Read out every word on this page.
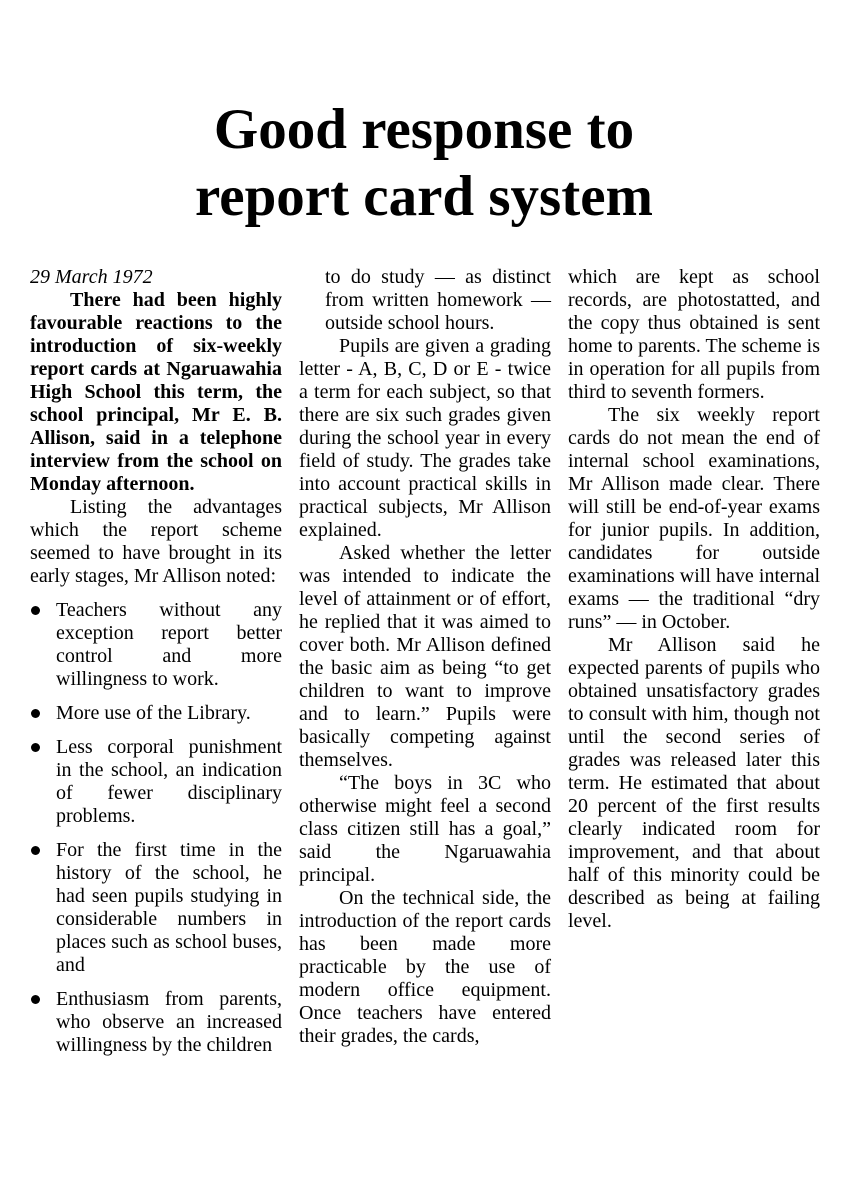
Good response to
report card system

29 March 1972

There had been highly favourable reactions to the introduction of six-weekly report cards at Ngaruawahia High School this term, the school principal, Mr E. B. Allison, said in a telephone interview from the school on Monday afternoon.

Listing the advantages which the report scheme seemed to have brought in its early stages, Mr Allison noted:

Teachers without any exception report better control and more willingness to work.
More use of the Library.
Less corporal punishment in the school, an indication of fewer disciplinary problems.
For the first time in the history of the school, he had seen pupils studying in considerable numbers in places such as school buses, and
Enthusiasm from parents, who observe an increased willingness by the children

to do study — as distinct from written homework — outside school hours.

Pupils are given a grading letter - A, B, C, D or E - twice a term for each subject, so that there are six such grades given during the school year in every field of study. The grades take into account practical skills in practical subjects, Mr Allison explained.

Asked whether the letter was intended to indicate the level of attainment or of effort, he replied that it was aimed to cover both. Mr Allison defined the basic aim as being “to get children to want to improve and to learn.” Pupils were basically competing against themselves.

“The boys in 3C who otherwise might feel a second class citizen still has a goal,” said the Ngaruawahia principal.

On the technical side, the introduction of the report cards has been made more practicable by the use of modern office equipment. Once teachers have entered their grades, the cards,

which are kept as school records, are photostatted, and the copy thus obtained is sent home to parents. The scheme is in operation for all pupils from third to seventh formers.

The six weekly report cards do not mean the end of internal school examinations, Mr Allison made clear. There will still be end-of-year exams for junior pupils. In addition, candidates for outside examinations will have internal exams — the traditional “dry runs” — in October.

Mr Allison said he expected parents of pupils who obtained unsatisfactory grades to consult with him, though not until the second series of grades was released later this term. He estimated that about 20 percent of the first results clearly indicated room for improvement, and that about half of this minority could be described as being at failing level.
